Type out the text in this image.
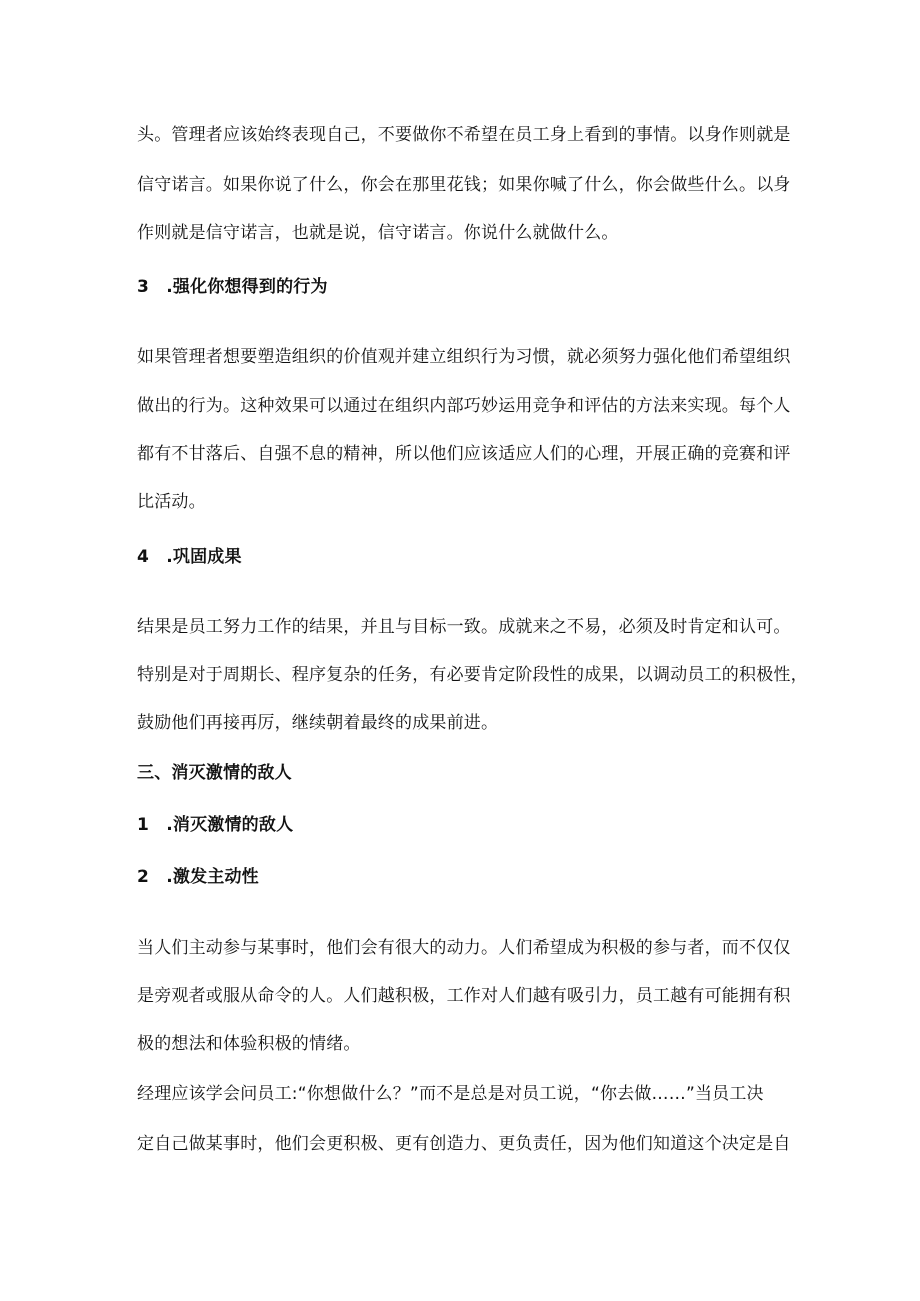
头。管理者应该始终表现自己，不要做你不希望在员工身上看到的事情。以身作则就是
信守诺言。如果你说了什么，你会在那里花钱；如果你喊了什么，你会做些什么。以身
作则就是信守诺言，也就是说，信守诺言。你说什么就做什么。
3　.强化你想得到的行为
如果管理者想要塑造组织的价值观并建立组织行为习惯，就必须努力强化他们希望组织
做出的行为。这种效果可以通过在组织内部巧妙运用竞争和评估的方法来实现。每个人
都有不甘落后、自强不息的精神，所以他们应该适应人们的心理，开展正确的竞赛和评
比活动。
4　.巩固成果
结果是员工努力工作的结果，并且与目标一致。成就来之不易，必须及时肯定和认可。
特别是对于周期长、程序复杂的任务，有必要肯定阶段性的成果，以调动员工的积极性，
鼓励他们再接再厉，继续朝着最终的成果前进。
三、消灭激情的敌人
1　.消灭激情的敌人
2　.激发主动性
当人们主动参与某事时，他们会有很大的动力。人们希望成为积极的参与者，而不仅仅
是旁观者或服从命令的人。人们越积极，工作对人们越有吸引力，员工越有可能拥有积
极的想法和体验积极的情绪。
经理应该学会问员工:“你想做什么？”而不是总是对员工说，“你去做……”当员工决
定自己做某事时，他们会更积极、更有创造力、更负责任，因为他们知道这个决定是自
